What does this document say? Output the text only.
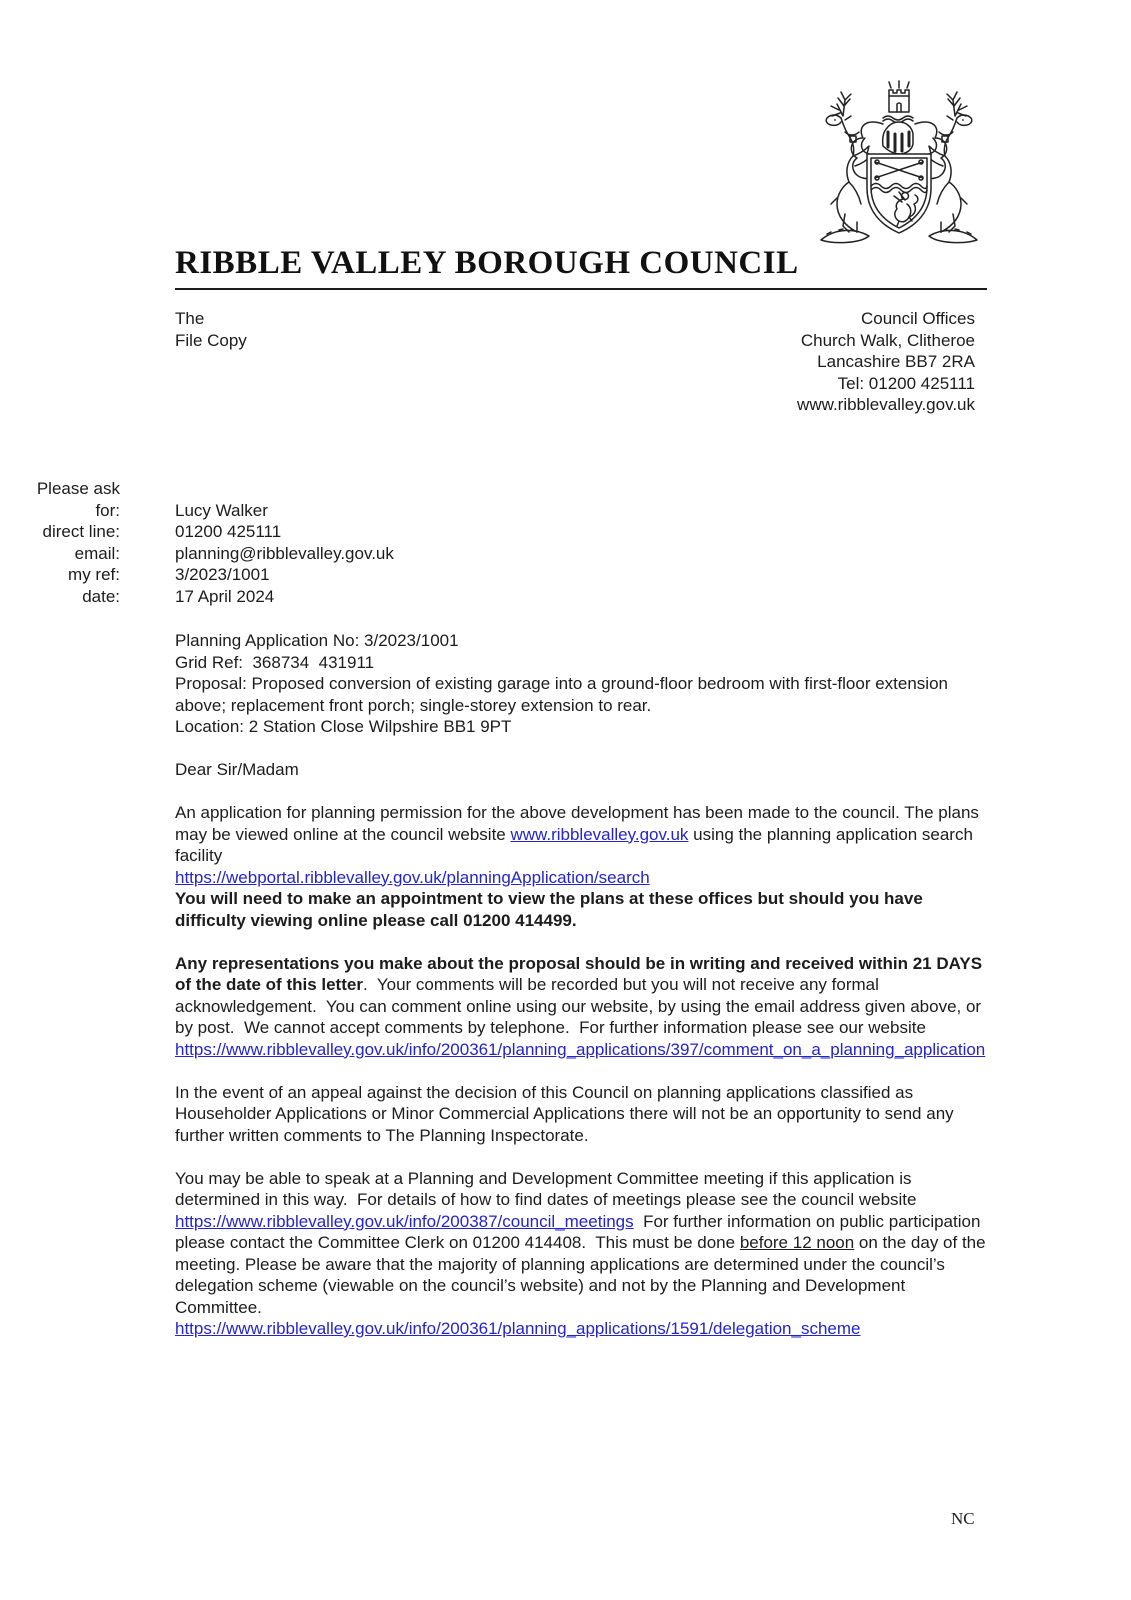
RIBBLE VALLEY BOROUGH COUNCIL
The
File Copy
Council Offices
Church Walk, Clitheroe
Lancashire BB7 2RA
Tel: 01200 425111
www.ribblevalley.gov.uk
Please ask
for:	Lucy Walker
direct line:	01200 425111
email:	planning@ribblevalley.gov.uk
my ref:	3/2023/1001
date:	17 April 2024

Planning Application No: 3/2023/1001
Grid Ref:  368734  431911
Proposal: Proposed conversion of existing garage into a ground-floor bedroom with first-floor extension above; replacement front porch; single-storey extension to rear.
Location: 2 Station Close Wilpshire BB1 9PT

Dear Sir/Madam

An application for planning permission for the above development has been made to the council. The plans may be viewed online at the council website www.ribblevalley.gov.uk using the planning application search facility
https://webportal.ribblevalley.gov.uk/planningApplication/search
You will need to make an appointment to view the plans at these offices but should you have difficulty viewing online please call 01200 414499.

Any representations you make about the proposal should be in writing and received within 21 DAYS of the date of this letter.  Your comments will be recorded but you will not receive any formal acknowledgement.  You can comment online using our website, by using the email address given above, or by post.  We cannot accept comments by telephone.  For further information please see our website
https://www.ribblevalley.gov.uk/info/200361/planning_applications/397/comment_on_a_planning_application

In the event of an appeal against the decision of this Council on planning applications classified as Householder Applications or Minor Commercial Applications there will not be an opportunity to send any further written comments to The Planning Inspectorate.

You may be able to speak at a Planning and Development Committee meeting if this application is determined in this way.  For details of how to find dates of meetings please see the council website https://www.ribblevalley.gov.uk/info/200387/council_meetings  For further information on public participation please contact the Committee Clerk on 01200 414408.  This must be done before 12 noon on the day of the meeting. Please be aware that the majority of planning applications are determined under the council’s delegation scheme (viewable on the council’s website) and not by the Planning and Development Committee.
https://www.ribblevalley.gov.uk/info/200361/planning_applications/1591/delegation_scheme

NC
